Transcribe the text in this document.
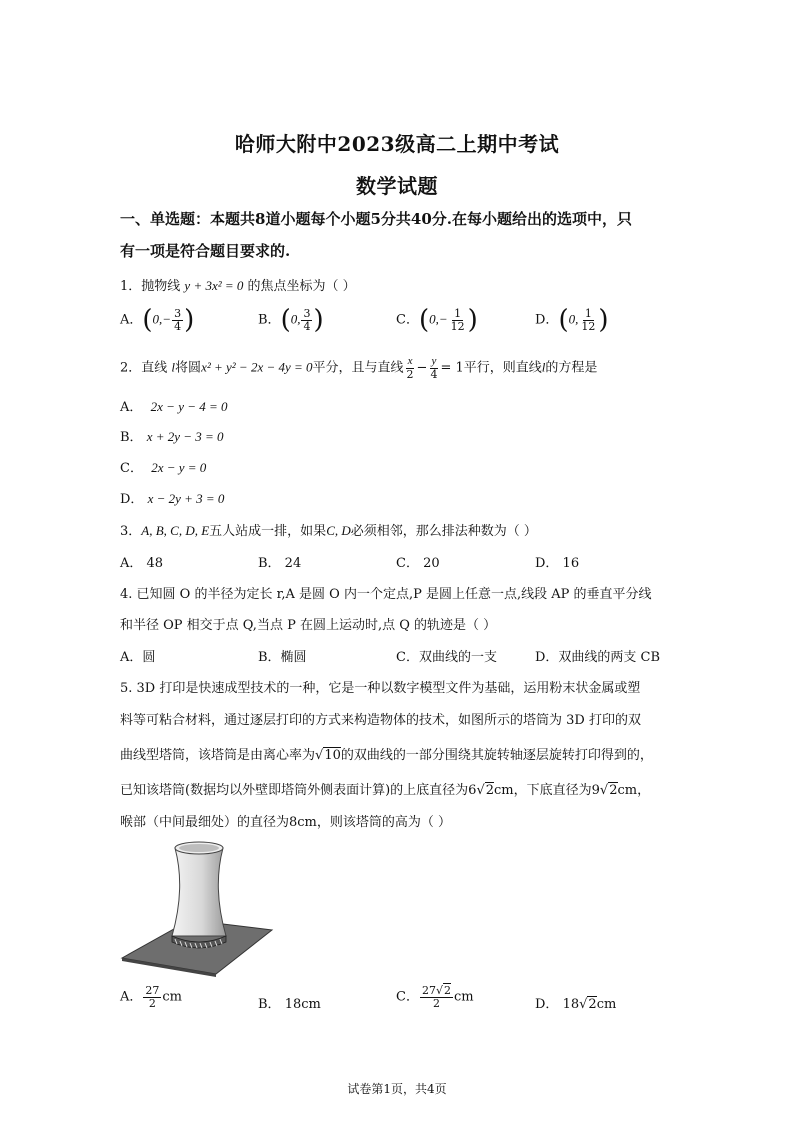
哈师大附中2023级高二上期中考试
数学试题
一、单选题：本题共8道小题每个小题5分共40分.在每小题给出的选项中，只
有一项是符合题目要求的.
1．抛物线 y + 3x² = 0 的焦点坐标为（ ）
A．($0,- \frac{3}{4}$ )	B．(0, $\frac{3}{4}$ )	C．($0,- \frac{1}{12}$ )	D．(0, $\frac{1}{12}$ )
2．直线 l将圆x² + y² − 2x − 4y = 0平分，且与直线 $\frac{x}{2} - \frac{y}{4} = 1$平行，则直线l的方程是
A． 2x − y − 4 = 0
B． x + 2y − 3 = 0
C． 2x − y = 0
D． x − 2y + 3 = 0
3．A, B, C, D, E五人站成一排，如果C, D必须相邻，那么排法种数为（ ）
A． 48	B． 24	C． 20	D． 16
4. 已知圆 O 的半径为定长 r,A 是圆 O 内一个定点,P 是圆上任意一点,线段 AP 的垂直平分线
和半径 OP 相交于点 Q,当点 P 在圆上运动时,点 Q 的轨迹是（ ）
A．圆	B．椭圆	C．双曲线的一支	D．双曲线的两支 CB
5. 3D 打印是快速成型技术的一种，它是一种以数字模型文件为基础，运用粉末状金属或塑
料等可粘合材料，通过逐层打印的方式来构造物体的技术，如图所示的塔筒为 3D 打印的双
曲线型塔筒，该塔筒是由离心率为√10的双曲线的一部分围绕其旋转轴逐层旋转打印得到的，
已知该塔筒(数据均以外壁即塔筒外侧表面计算)的上底直径为6√2cm，下底直径为9√2cm，
喉部（中间最细处）的直径为8cm，则该塔筒的高为（ ）
A． $\frac{27}{2}$ cm	B． 18cm	C． $\frac{27√2}{2}$ cm	D． 18√2cm
试卷第1页，共4页
